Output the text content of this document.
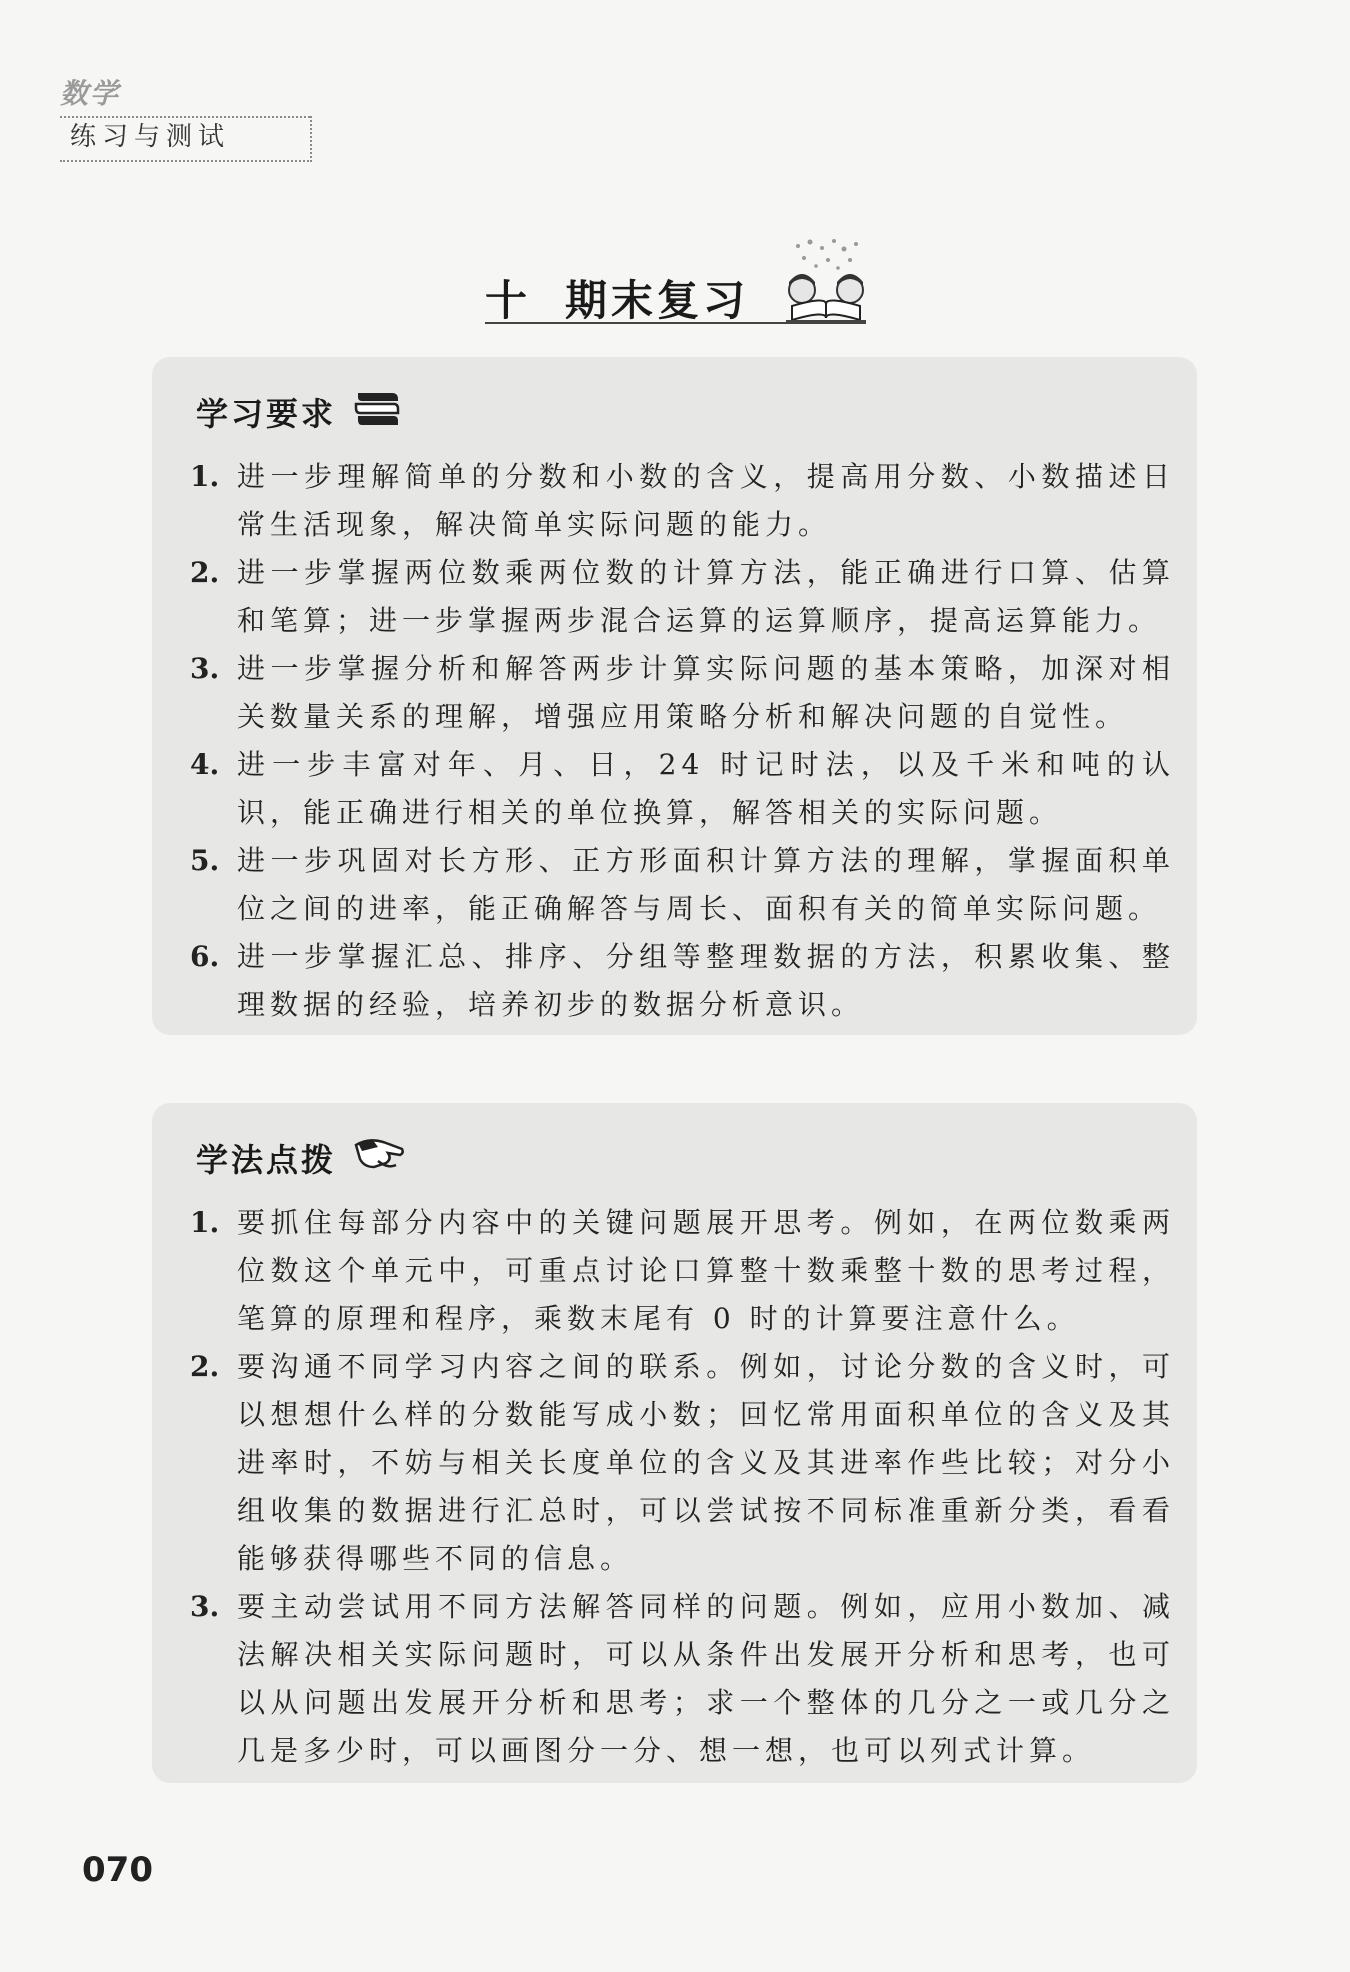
数学
练习与测试
十 期末复习
学习要求
1. 进一步理解简单的分数和小数的含义，提高用分数、小数描述日常生活现象，解决简单实际问题的能力。
2. 进一步掌握两位数乘两位数的计算方法，能正确进行口算、估算和笔算；进一步掌握两步混合运算的运算顺序，提高运算能力。
3. 进一步掌握分析和解答两步计算实际问题的基本策略，加深对相关数量关系的理解，增强应用策略分析和解决问题的自觉性。
4. 进一步丰富对年、月、日，24 时记时法，以及千米和吨的认识，能正确进行相关的单位换算，解答相关的实际问题。
5. 进一步巩固对长方形、正方形面积计算方法的理解，掌握面积单位之间的进率，能正确解答与周长、面积有关的简单实际问题。
6. 进一步掌握汇总、排序、分组等整理数据的方法，积累收集、整理数据的经验，培养初步的数据分析意识。
学法点拨
1. 要抓住每部分内容中的关键问题展开思考。例如，在两位数乘两位数这个单元中，可重点讨论口算整十数乘整十数的思考过程，笔算的原理和程序，乘数末尾有 0 时的计算要注意什么。
2. 要沟通不同学习内容之间的联系。例如，讨论分数的含义时，可以想想什么样的分数能写成小数；回忆常用面积单位的含义及其进率时，不妨与相关长度单位的含义及其进率作些比较；对分小组收集的数据进行汇总时，可以尝试按不同标准重新分类，看看能够获得哪些不同的信息。
3. 要主动尝试用不同方法解答同样的问题。例如，应用小数加、减法解决相关实际问题时，可以从条件出发展开分析和思考，也可以从问题出发展开分析和思考；求一个整体的几分之一或几分之几是多少时，可以画图分一分、想一想，也可以列式计算。
070
